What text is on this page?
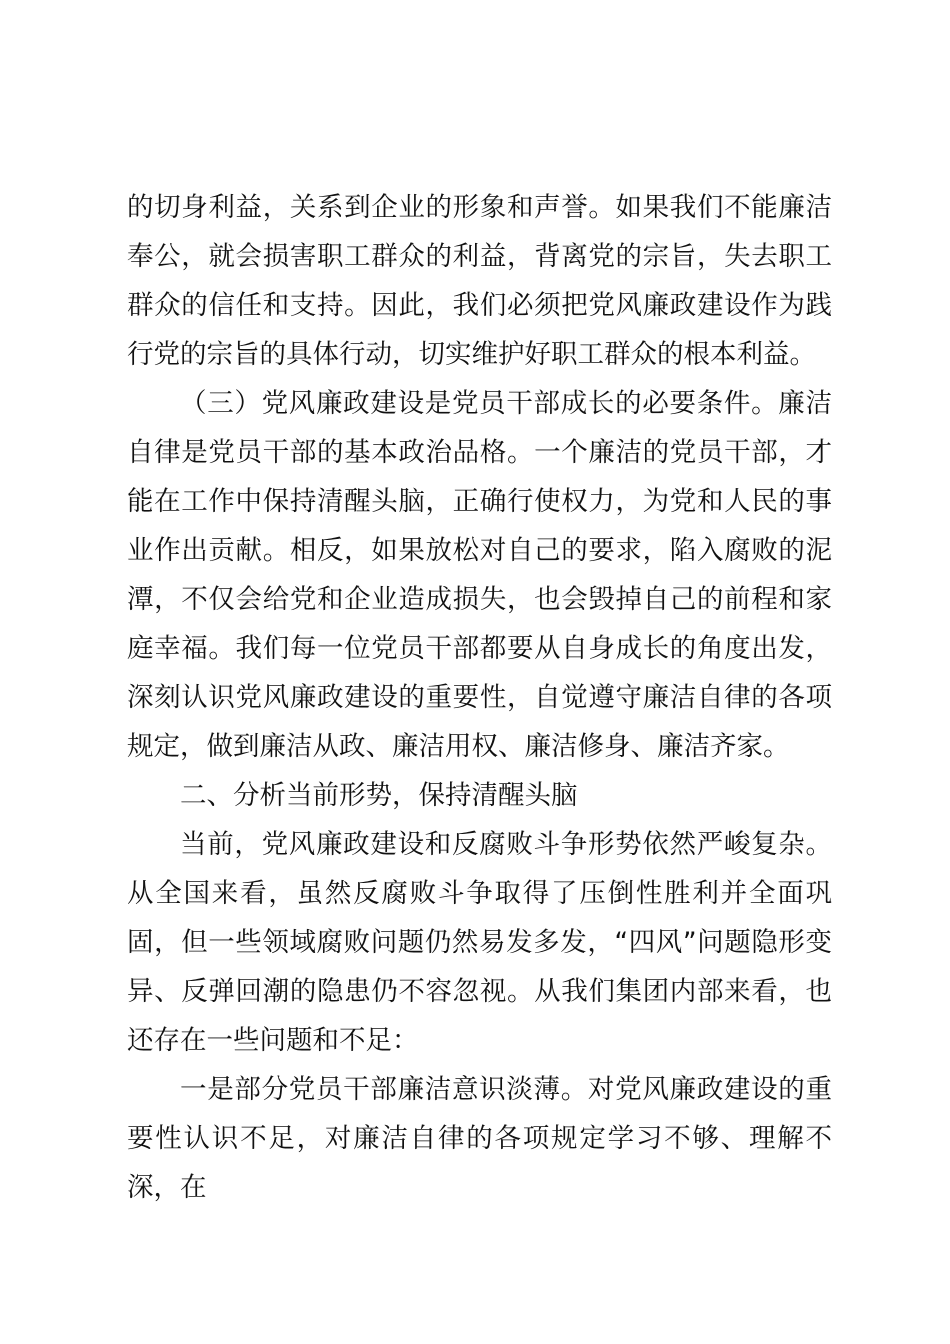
的切身利益，关系到企业的形象和声誉。如果我们不能廉洁奉公，就会损害职工群众的利益，背离党的宗旨，失去职工群众的信任和支持。因此，我们必须把党风廉政建设作为践行党的宗旨的具体行动，切实维护好职工群众的根本利益。

（三）党风廉政建设是党员干部成长的必要条件。廉洁自律是党员干部的基本政治品格。一个廉洁的党员干部，才能在工作中保持清醒头脑，正确行使权力，为党和人民的事业作出贡献。相反，如果放松对自己的要求，陷入腐败的泥潭，不仅会给党和企业造成损失，也会毁掉自己的前程和家庭幸福。我们每一位党员干部都要从自身成长的角度出发，深刻认识党风廉政建设的重要性，自觉遵守廉洁自律的各项规定，做到廉洁从政、廉洁用权、廉洁修身、廉洁齐家。

二、分析当前形势，保持清醒头脑

当前，党风廉政建设和反腐败斗争形势依然严峻复杂。从全国来看，虽然反腐败斗争取得了压倒性胜利并全面巩固，但一些领域腐败问题仍然易发多发，“四风”问题隐形变异、反弹回潮的隐患仍不容忽视。从我们集团内部来看，也还存在一些问题和不足：

一是部分党员干部廉洁意识淡薄。对党风廉政建设的重要性认识不足，对廉洁自律的各项规定学习不够、理解不深，在
